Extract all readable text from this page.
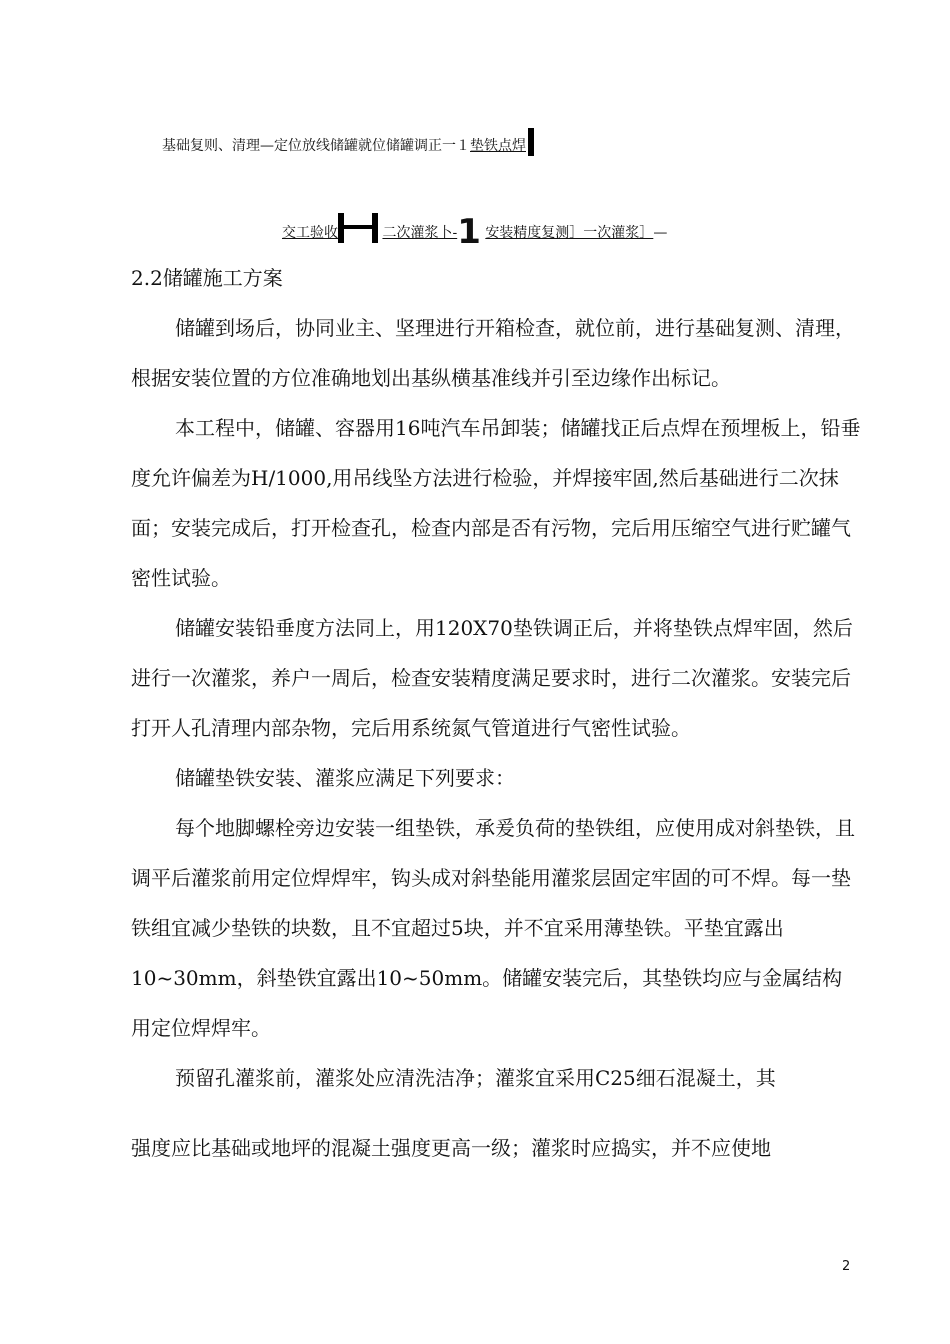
基础复则、清理—定位放线储罐就位储罐调正一１垫铁点焊
交工验收	二次灌浆卜-1 安装精度复测］一次灌浆］—
2.2储罐施工方案

储罐到场后，协同业主、坚理进行开箱检查，就位前，进行基础复测、清理，根据安装位置的方位准确地划出基纵横基准线并引至边缘作出标记。

本工程中，储罐、容器用16吨汽车吊卸装；储罐找正后点焊在预埋板上，铅垂度允许偏差为H/1000,用吊线坠方法进行检验，并焊接牢固,然后基础进行二次抹面；安装完成后，打开检查孔，检查内部是否有污物，完后用压缩空气进行贮罐气密性试验。

储罐安装铅垂度方法同上，用120X70垫铁调正后，并将垫铁点焊牢固，然后进行一次灌浆，养户一周后，检查安装精度满足要求时，进行二次灌浆。安装完后打开人孔清理内部杂物，完后用系统氮气管道进行气密性试验。

储罐垫铁安装、灌浆应满足下列要求：

每个地脚螺栓旁边安装一组垫铁，承爰负荷的垫铁组，应使用成对斜垫铁，且调平后灌浆前用定位焊焊牢，钩头成对斜垫能用灌浆层固定牢固的可不焊。每一垫铁组宜减少垫铁的块数，且不宜超过5块，并不宜采用薄垫铁。平垫宜露出10~30mm，斜垫铁宜露出10~50mm。储罐安装完后，其垫铁均应与金属结构用定位焊焊牢。

预留孔灌浆前，灌浆处应清洗洁净；灌浆宜采用C25细石混凝土，其

强度应比基础或地坪的混凝土强度更高一级；灌浆时应捣实，并不应使地

2
